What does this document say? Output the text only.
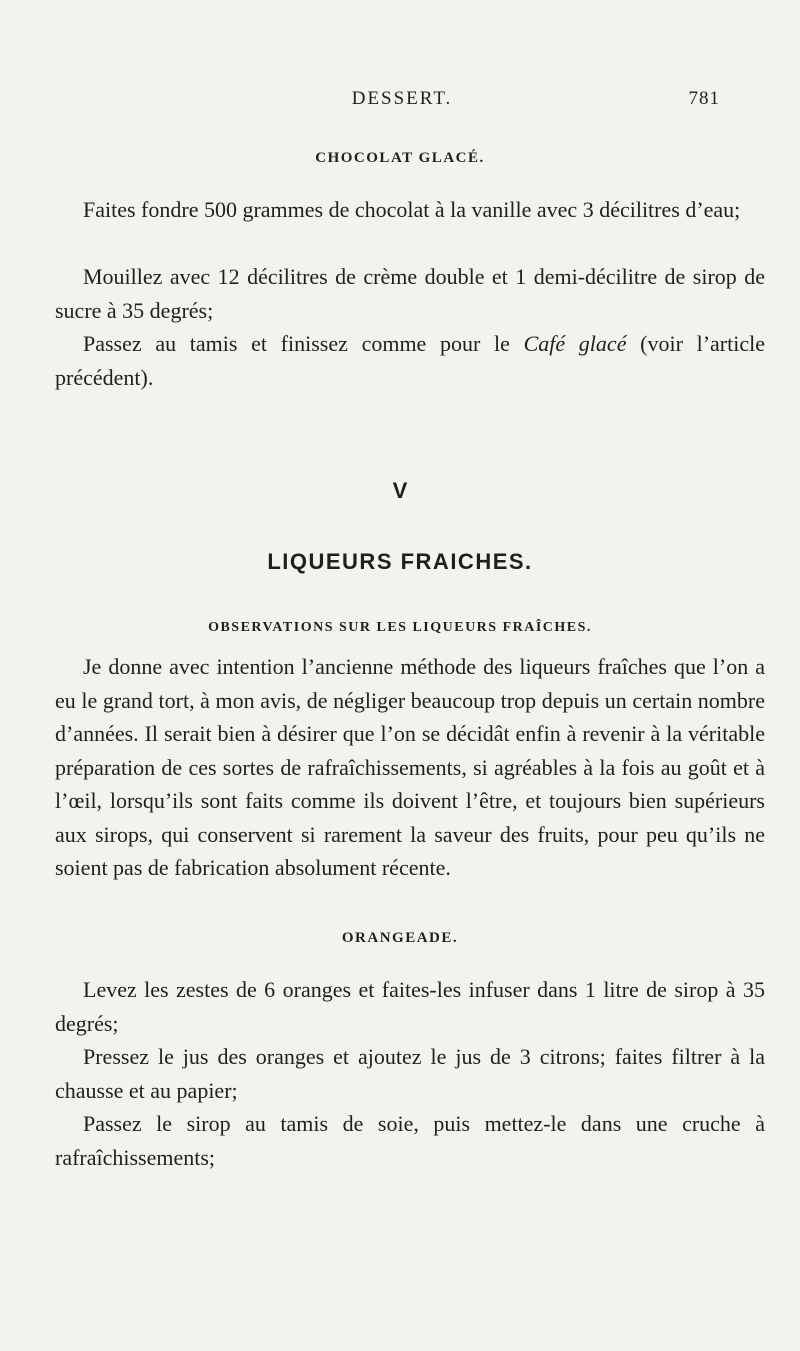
DESSERT.	781
CHOCOLAT GLACÉ.

Faites fondre 500 grammes de chocolat à la vanille avec 3 décilitres d’eau;

Mouillez avec 12 décilitres de crème double et 1 demi-décilitre de sirop de sucre à 35 degrés;

Passez au tamis et finissez comme pour le Café glacé (voir l’article précédent).

V
LIQUEURS FRAICHES.
OBSERVATIONS SUR LES LIQUEURS FRAÎCHES.

Je donne avec intention l’ancienne méthode des liqueurs fraîches que l’on a eu le grand tort, à mon avis, de négliger beaucoup trop depuis un certain nombre d’années. Il serait bien à désirer que l’on se décidât enfin à revenir à la véritable préparation de ces sortes de rafraîchissements, si agréables à la fois au goût et à l’œil, lorsqu’ils sont faits comme ils doivent l’être, et toujours bien supérieurs aux sirops, qui conservent si rarement la saveur des fruits, pour peu qu’ils ne soient pas de fabrication absolument récente.

ORANGEADE.

Levez les zestes de 6 oranges et faites-les infuser dans 1 litre de sirop à 35 degrés;

Pressez le jus des oranges et ajoutez le jus de 3 citrons; faites filtrer à la chausse et au papier;

Passez le sirop au tamis de soie, puis mettez-le dans une cruche à rafraîchissements;
